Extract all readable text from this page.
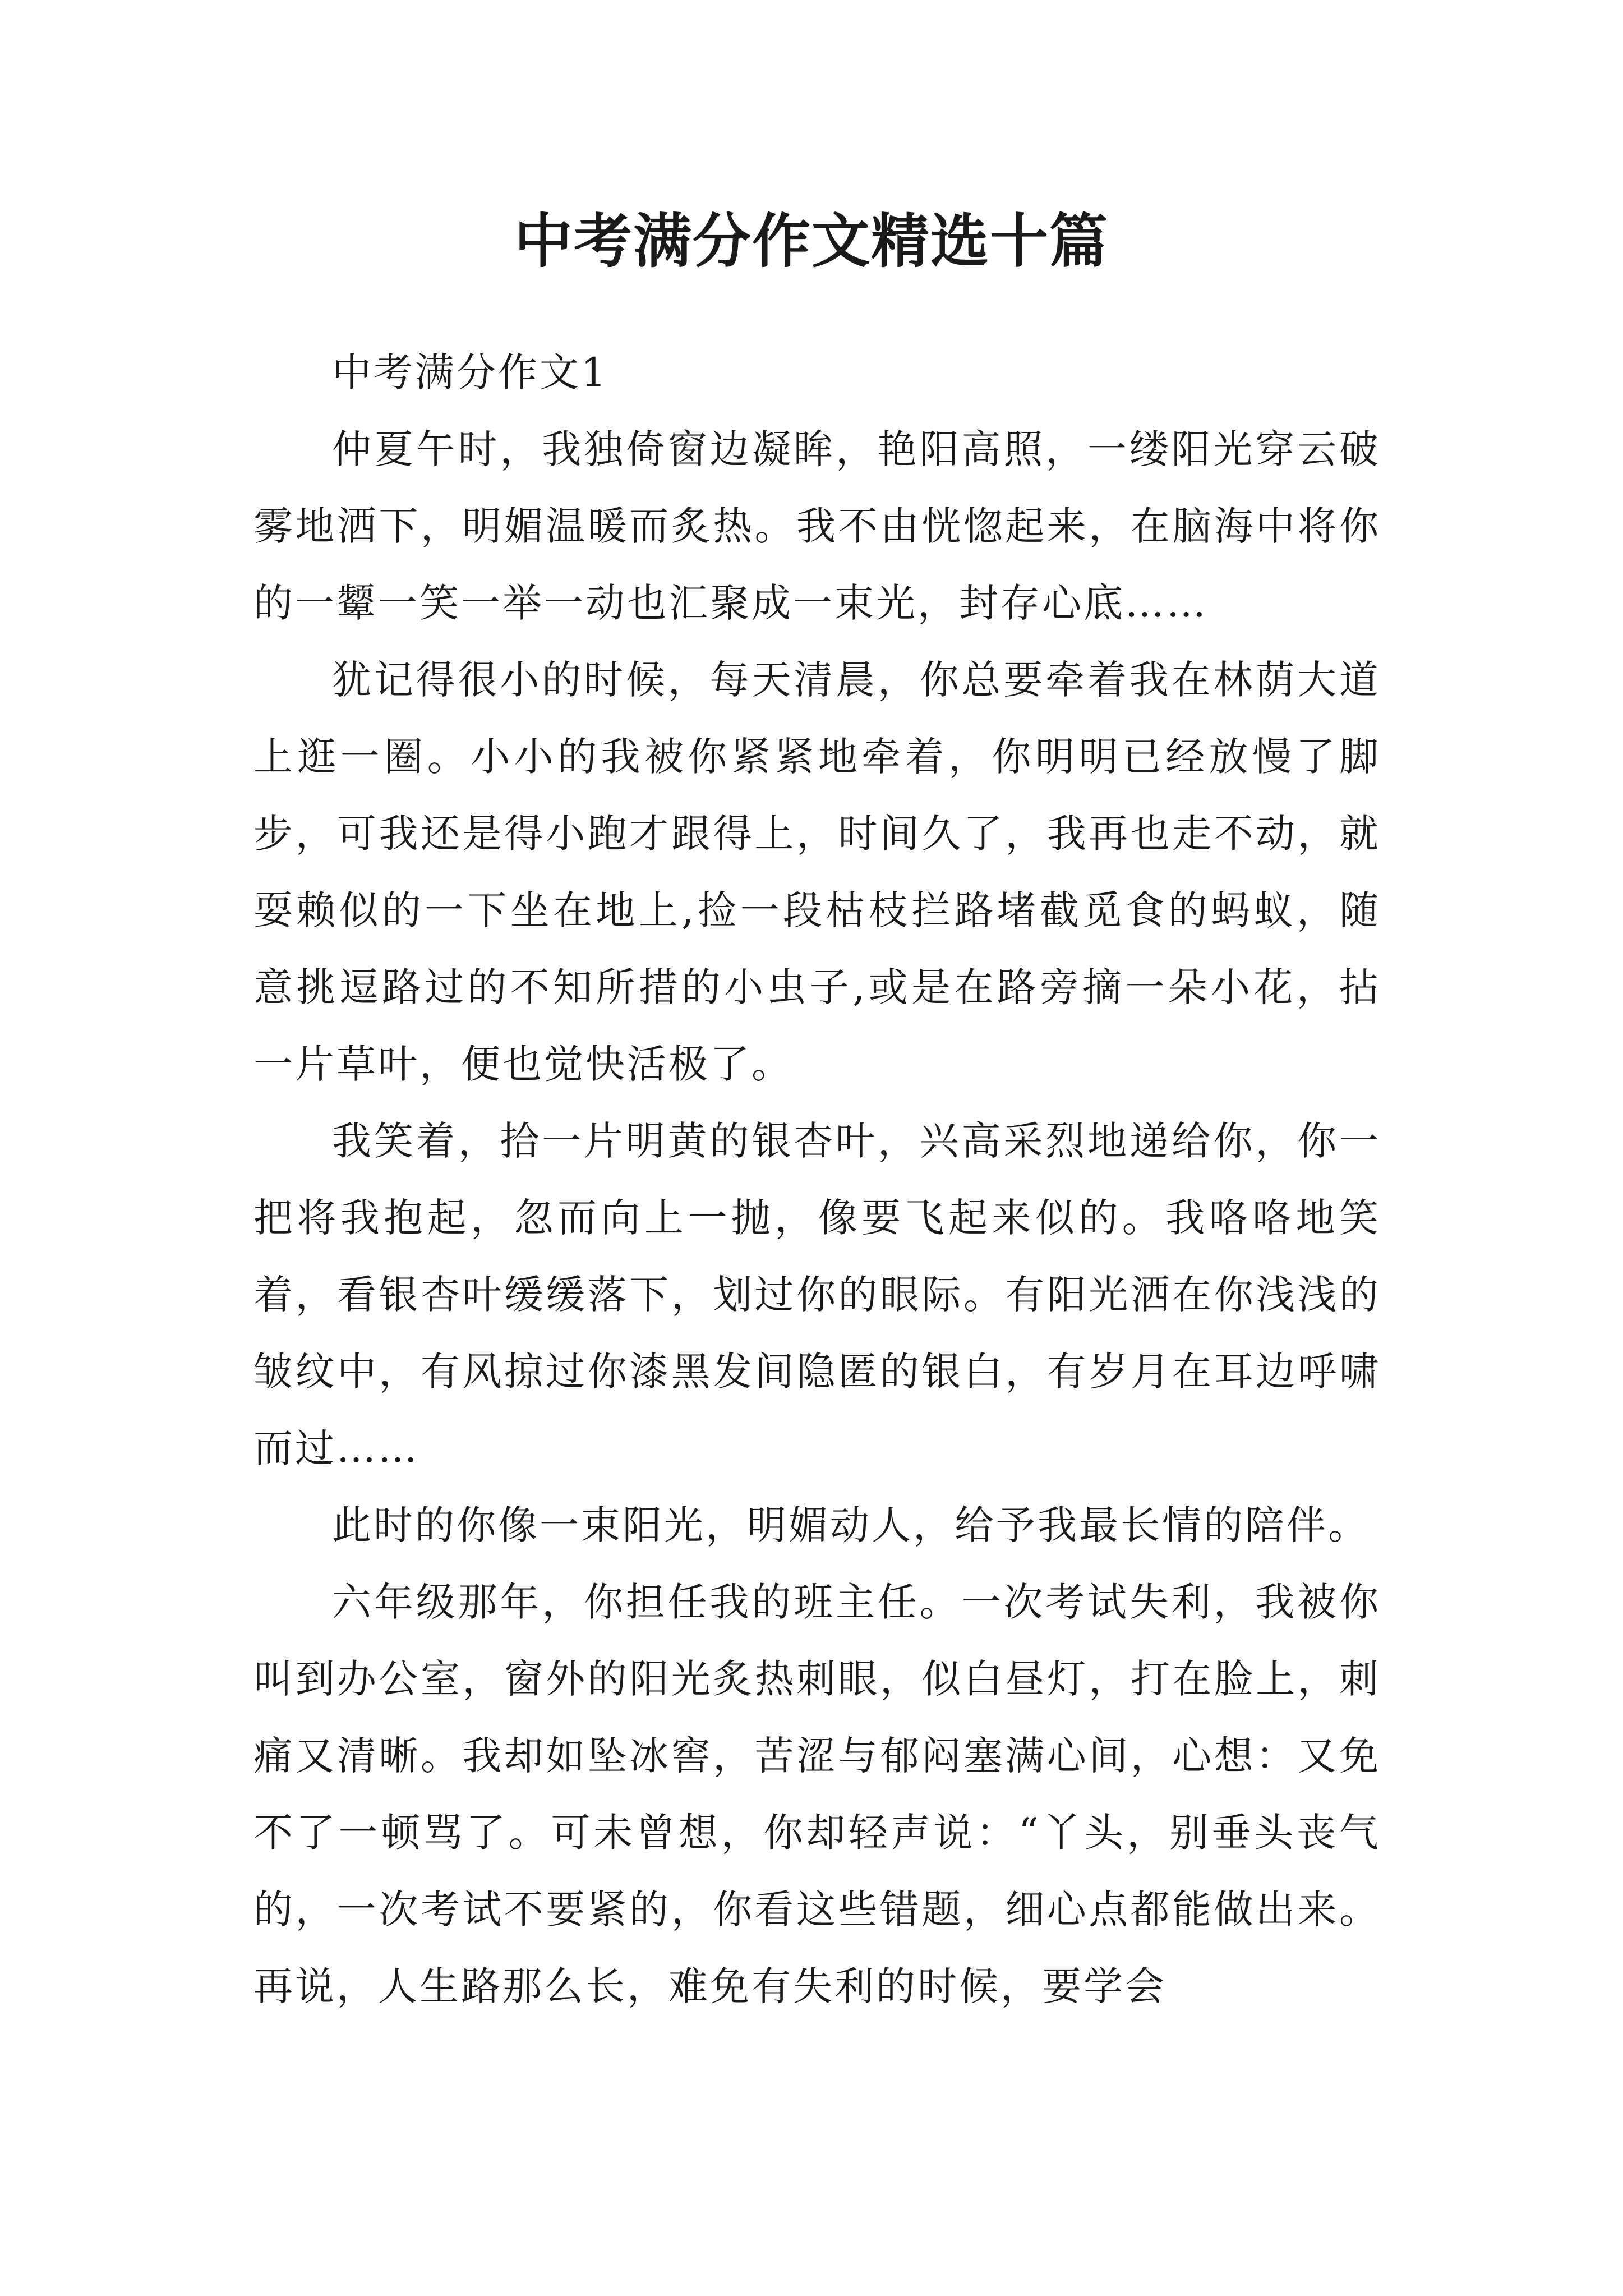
中考满分作文精选十篇

中考满分作文1

仲夏午时，我独倚窗边凝眸，艳阳高照，一缕阳光穿云破雾地洒下，明媚温暖而炙热。我不由恍惚起来，在脑海中将你的一颦一笑一举一动也汇聚成一束光，封存心底……

犹记得很小的时候，每天清晨，你总要牵着我在林荫大道上逛一圈。小小的我被你紧紧地牵着，你明明已经放慢了脚步，可我还是得小跑才跟得上，时间久了，我再也走不动，就耍赖似的一下坐在地上,捡一段枯枝拦路堵截觅食的蚂蚁，随意挑逗路过的不知所措的小虫子,或是在路旁摘一朵小花，拈一片草叶，便也觉快活极了。

我笑着，拾一片明黄的银杏叶，兴高采烈地递给你，你一把将我抱起，忽而向上一抛，像要飞起来似的。我咯咯地笑着，看银杏叶缓缓落下，划过你的眼际。有阳光洒在你浅浅的皱纹中，有风掠过你漆黑发间隐匿的银白，有岁月在耳边呼啸而过……

此时的你像一束阳光，明媚动人，给予我最长情的陪伴。

六年级那年，你担任我的班主任。一次考试失利，我被你叫到办公室，窗外的阳光炙热刺眼，似白昼灯，打在脸上，刺痛又清晰。我却如坠冰窖，苦涩与郁闷塞满心间，心想：又免不了一顿骂了。可未曾想，你却轻声说：“丫头，别垂头丧气的，一次考试不要紧的，你看这些错题，细心点都能做出来。再说，人生路那么长，难免有失利的时候，要学会
